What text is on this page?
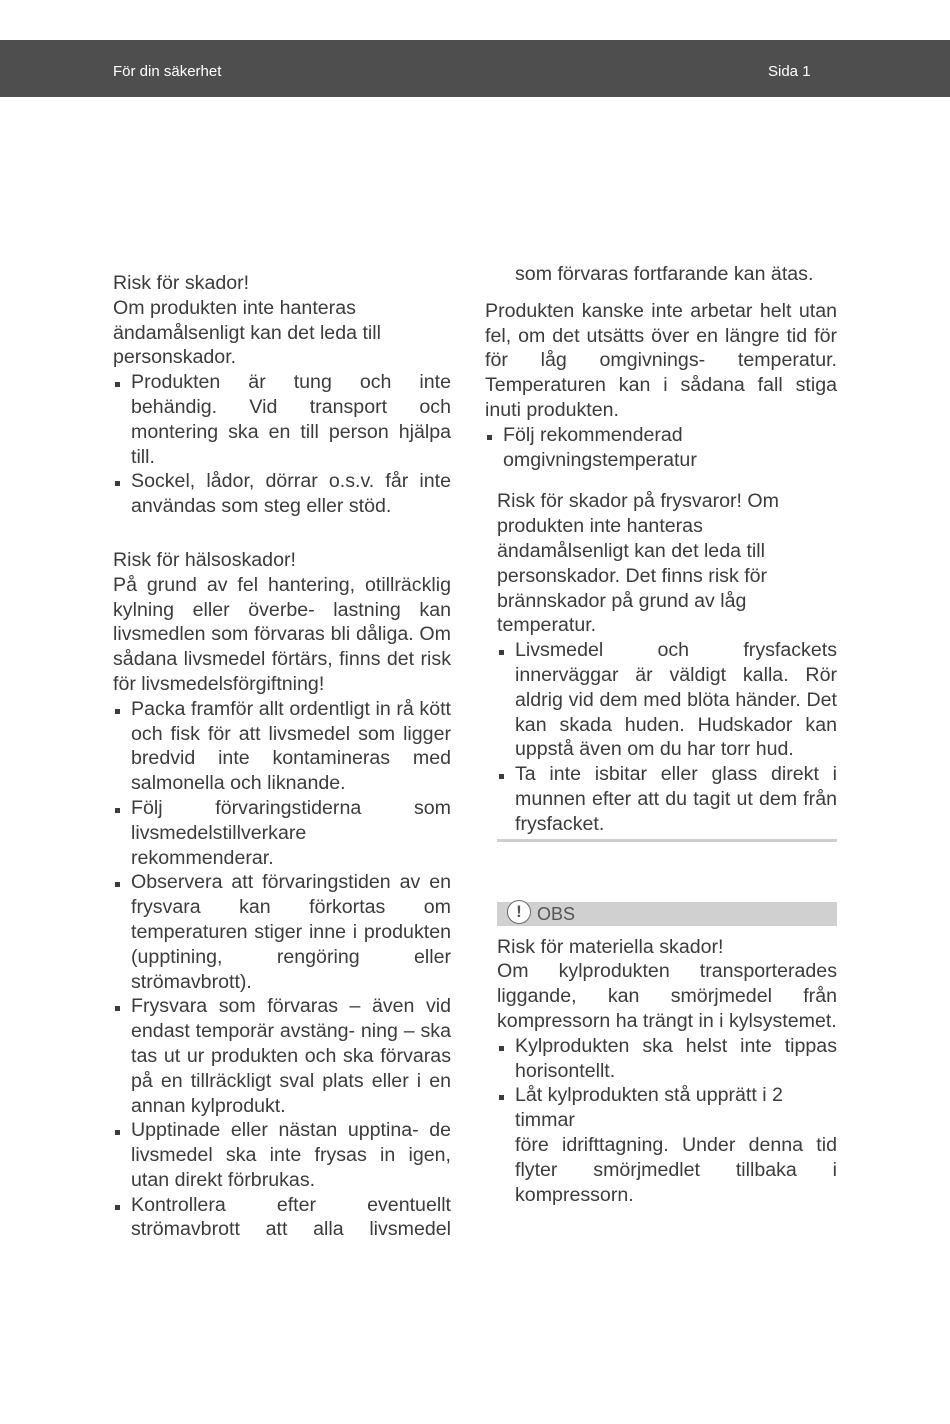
För din säkerhet	Sida 1

Risk för skador!

Om produkten inte hanteras ändamålsenligt kan det leda till personskador.

Produkten är tung och inte behändig. Vid transport och montering ska en till person hjälpa till.
Sockel, lådor, dörrar o.s.v. får inte användas som steg eller stöd.

Risk för hälsoskador!

På grund av fel hantering, otillräcklig kylning eller överbe- lastning kan livsmedlen som förvaras bli dåliga. Om sådana livsmedel förtärs, finns det risk för livsmedelsförgiftning!

Packa framför allt ordentligt in rå kött och fisk för att livsmedel som ligger bredvid inte kontamineras med salmonella och liknande.
Följ förvaringstiderna som livsmedelstillverkare rekommenderar.
Observera att förvaringstiden av en frysvara kan förkortas om temperaturen stiger inne i produkten (upptining, rengöring eller strömavbrott).
Frysvara som förvaras – även vid endast temporär avstäng- ning – ska tas ut ur produkten och ska förvaras på en tillräckligt sval plats eller i en annan kylprodukt.
Upptinade eller nästan upptina- de livsmedel ska inte frysas in igen, utan direkt förbrukas.
Kontrollera efter eventuellt strömavbrott att alla livsmedel

som förvaras fortfarande kan ätas.

Produkten kanske inte arbetar helt utan fel, om det utsätts över en längre tid för för låg omgivnings- temperatur. Temperaturen kan i sådana fall stiga inuti produkten.

Följ rekommenderad omgivningstemperatur

Risk för skador på frysvaror! Om produkten inte hanteras ändamålsenligt kan det leda till personskador. Det finns risk för brännskador på grund av låg temperatur.

Livsmedel och frysfackets innerväggar är väldigt kalla. Rör aldrig vid dem med blöta händer. Det kan skada huden. Hudskador kan uppstå även om du har torr hud.
Ta inte isbitar eller glass direkt i munnen efter att du tagit ut dem från frysfacket.
! OBS

Risk för materiella skador!

Om kylprodukten transporterades liggande, kan smörjmedel från kompressorn ha trängt in i kylsystemet.

Kylprodukten ska helst inte tippas horisontellt.
Låt kylprodukten stå upprätt i 2 timmar

före idrifttagning. Under denna tid flyter smörjmedlet tillbaka i kompressorn.
